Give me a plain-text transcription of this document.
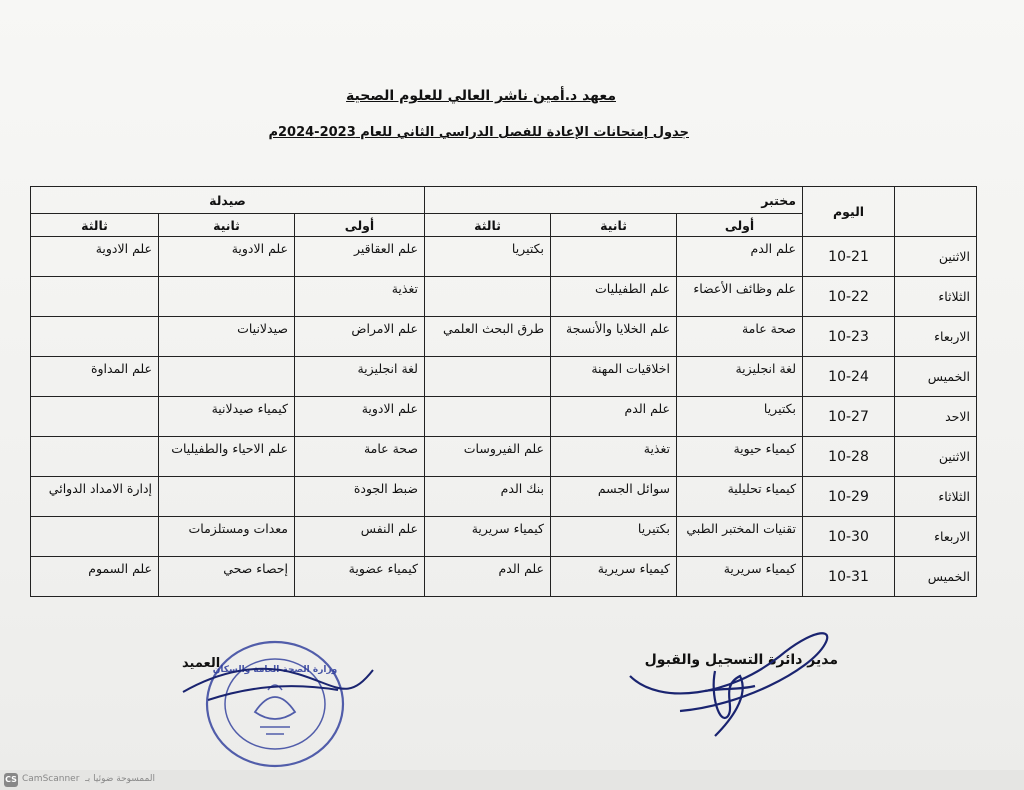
معهد د.أمين ناشر العالي للعلوم الصحية
جدول إمتحانات الإعادة للفصل الدراسي الثاني للعام 2023-2024م
	اليوم	مختبر			صيدلة		
		أولى	ثانية	ثالثة	أولى	ثانية	ثالثة
الاثنين	10-21	علم الدم		بكتيريا	علم العقاقير	علم الادوية	علم الادوية
الثلاثاء	10-22	علم وظائف الأعضاء	علم الطفيليات		تغذية		
الاربعاء	10-23	صحة عامة	علم الخلايا والأنسجة	طرق البحث العلمي	علم الامراض	صيدلانيات	
الخميس	10-24	لغة انجليزية	اخلاقيات المهنة		لغة انجليزية		علم المداوة
الاحد	10-27	بكتيريا	علم الدم		علم الادوية	كيمياء صيدلانية	
الاثنين	10-28	كيمياء حيوية	تغذية	علم الفيروسات	صحة عامة	علم الاحياء والطفيليات	
الثلاثاء	10-29	كيمياء تحليلية	سوائل الجسم	بنك الدم	ضبط الجودة		إدارة الامداد الدوائي
الاربعاء	10-30	تقنيات المختبر الطبي	بكتيريا	كيمياء سريرية	علم النفس	معدات ومستلزمات	
الخميس	10-31	كيمياء سريرية	كيمياء سريرية	علم الدم	كيمياء عضوية	إحصاء صحي	علم السموم
العميد	مدير دائرة التسجيل والقبول
وزارة الصحة العامة والسكان
CS CamScanner الممسوحة ضوئيا بـ
